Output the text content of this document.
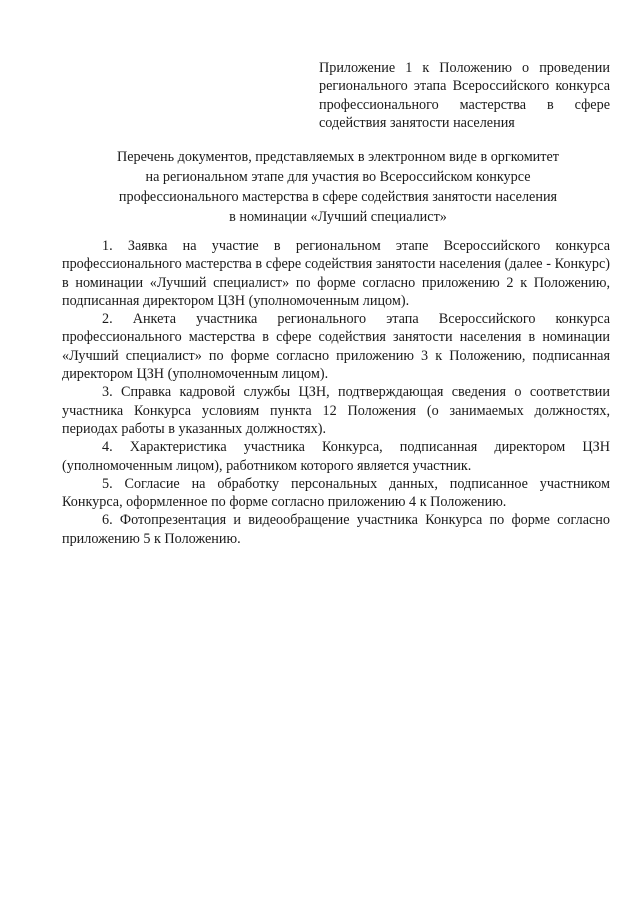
Приложение 1 к Положению о проведении регионального этапа Всероссийского конкурса профессионального мастерства в сфере содействия занятости населения
Перечень документов, представляемых в электронном виде в оргкомитет
на региональном этапе для участия во Всероссийском конкурсе
профессионального мастерства в сфере содействия занятости населения
в номинации «Лучший специалист»
1. Заявка на участие в региональном этапе Всероссийского конкурса профессионального мастерства в сфере содействия занятости населения (далее - Конкурс) в номинации «Лучший специалист» по форме согласно приложению 2 к Положению, подписанная директором ЦЗН (уполномоченным лицом).
2. Анкета участника регионального этапа Всероссийского конкурса профессионального мастерства в сфере содействия занятости населения в номинации «Лучший специалист» по форме согласно приложению 3 к Положению, подписанная директором ЦЗН (уполномоченным лицом).
3. Справка кадровой службы ЦЗН, подтверждающая сведения о соответствии участника Конкурса условиям пункта 12 Положения (о занимаемых должностях, периодах работы в указанных должностях).
4. Характеристика участника Конкурса, подписанная директором ЦЗН (уполномоченным лицом), работником которого является участник.
5. Согласие на обработку персональных данных, подписанное участником Конкурса, оформленное по форме согласно приложению 4 к Положению.
6. Фотопрезентация и видеообращение участника Конкурса по форме согласно приложению 5 к Положению.
